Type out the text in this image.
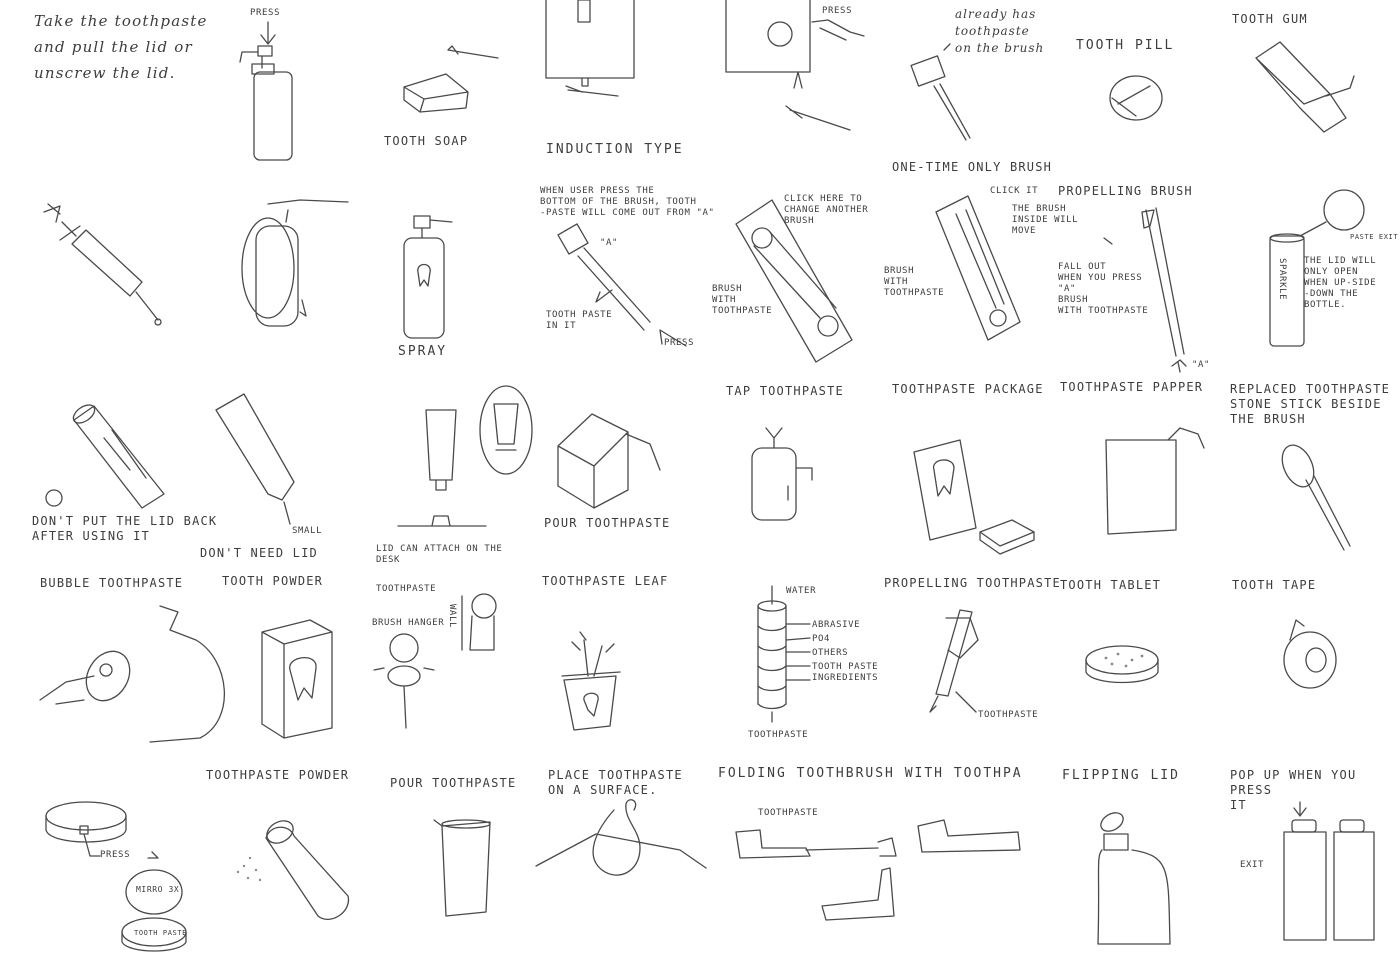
Take the toothpaste
and pull the lid or
unscrew the lid.
PRESS
TOOTH SOAP
INDUCTION TYPE
PRESS	already has
toothpaste
on the brush
ONE-TIME ONLY BRUSH
TOOTH PILL
TOOTH GUM
SPRAY
WHEN USER PRESS THE
BOTTOM OF THE BRUSH, TOOTH
-PASTE WILL COME OUT FROM "A"
"A"
TOOTH PASTE
IN IT
PRESS
CLICK HERE TO
CHANGE ANOTHER
BRUSH
BRUSH
WITH
TOOTHPASTE
CLICK IT
THE BRUSH
INSIDE WILL
MOVE
BRUSH
WITH
TOOTHPASTE
PROPELLING BRUSH
FALL OUT
WHEN YOU PRESS
"A"
BRUSH
WITH TOOTHPASTE
"A"
PASTE EXIT
THE LID WILL
ONLY OPEN
WHEN UP-SIDE
-DOWN THE
BOTTLE.
SPARKLE
DON'T PUT THE LID BACK
AFTER USING IT	SMALL
DON'T NEED LID	LID CAN ATTACH ON THE
DESK
POUR TOOTHPASTE
TAP TOOTHPASTE	TOOTHPASTE PACKAGE TOOTHPASTE PAPPER REPLACED TOOTHPASTE
STONE STICK BESIDE
THE BRUSH
BUBBLE TOOTHPASTE	TOOTH POWDER
TOOTHPASTE
BRUSH HANGER WALL
TOOTHPASTE LEAF
WATER
ABRASIVE
PO4
OTHERS
TOOTH PASTE
INGREDIENTS
TOOTHPASTE
PROPELLING TOOTHPASTE
TOOTHPASTE
TOOTH TABLET	TOOTH TAPE
TOOTHPASTE POWDER
PRESS
MIRRO 3X
TOOTH PASTE
POUR TOOTHPASTE
PLACE TOOTHPASTE
ON A SURFACE.
FOLDING TOOTHBRUSH WITH TOOTHPA
TOOTHPASTE
FLIPPING LID	POP UP WHEN YOU PRESS
IT
EXIT
